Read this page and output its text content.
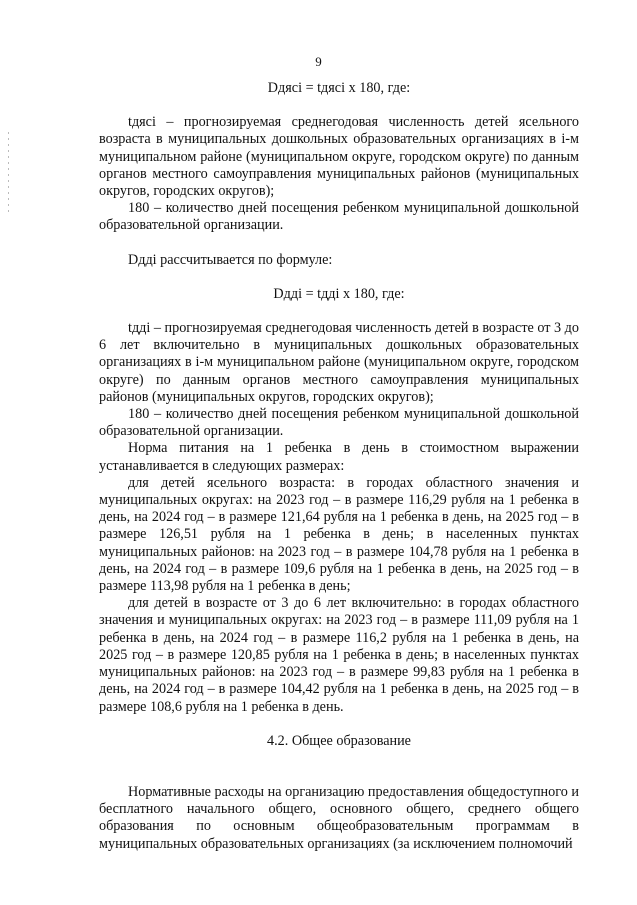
9

Dдясi = tдясi х 180, где:

tдясi – прогнозируемая среднегодовая численность детей ясельного возраста в муниципальных дошкольных образовательных организациях в i-м муниципальном районе (муниципальном округе, городском округе) по данным органов местного самоуправления муниципальных районов (муниципальных округов, городских округов);

180 – количество дней посещения ребенком муниципальной дошкольной образовательной организации.

Dддi рассчитывается по формуле:

Dддi = tддi х 180, где:

tддi – прогнозируемая среднегодовая численность детей в возрасте от 3 до 6 лет включительно в муниципальных дошкольных образовательных организациях в i-м муниципальном районе (муниципальном округе, городском округе) по данным органов местного самоуправления муниципальных районов (муниципальных округов, городских округов);

180 – количество дней посещения ребенком муниципальной дошкольной образовательной организации.

Норма питания на 1 ребенка в день в стоимостном выражении устанавливается в следующих размерах:

для детей ясельного возраста: в городах областного значения и муниципальных округах: на 2023 год – в размере 116,29 рубля на 1 ребенка в день, на 2024 год – в размере 121,64 рубля на 1 ребенка в день, на 2025 год – в размере 126,51 рубля на 1 ребенка в день; в населенных пунктах муниципальных районов: на 2023 год – в размере 104,78 рубля на 1 ребенка в день, на 2024 год – в размере 109,6 рубля на 1 ребенка в день, на 2025 год – в размере 113,98 рубля на 1 ребенка в день;

для детей в возрасте от 3 до 6 лет включительно: в городах областного значения и муниципальных округах: на 2023 год – в размере 111,09 рубля на 1 ребенка в день, на 2024 год – в размере 116,2 рубля на 1 ребенка в день, на 2025 год – в размере 120,85 рубля на 1 ребенка в день; в населенных пунктах муниципальных районов: на 2023 год – в размере 99,83 рубля на 1 ребенка в день, на 2024 год – в размере 104,42 рубля на 1 ребенка в день, на 2025 год – в размере 108,6 рубля на 1 ребенка в день.

4.2. Общее образование

Нормативные расходы на организацию предоставления общедоступного и бесплатного начального общего, основного общего, среднего общего образования по основным общеобразовательным программам в муниципальных образовательных организациях (за исключением полномочий
